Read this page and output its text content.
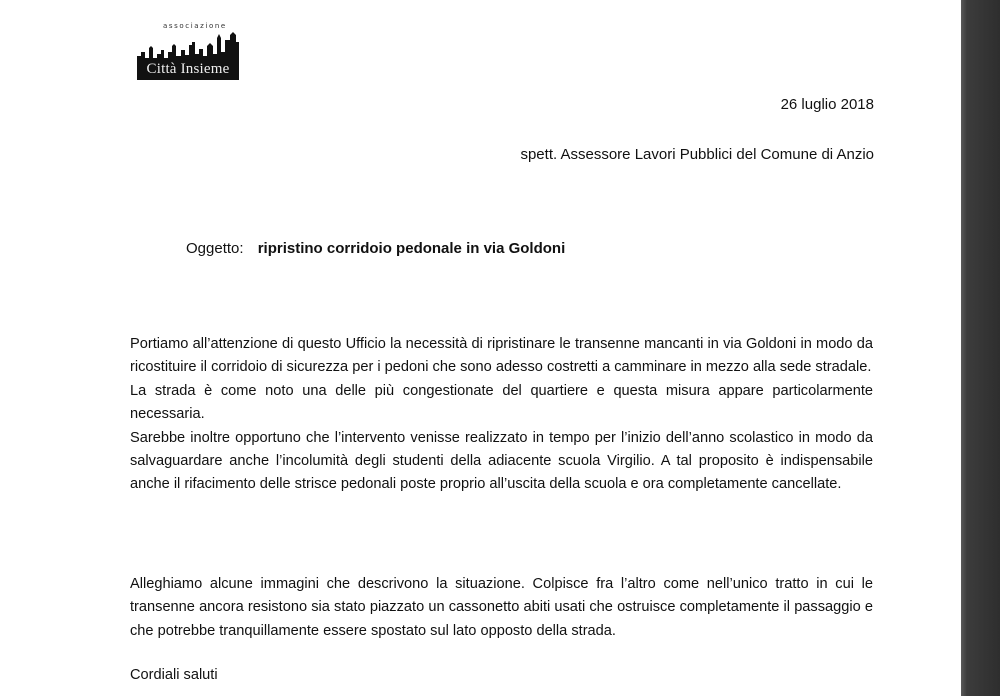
associazione
Città Insieme
26 luglio 2018
spett. Assessore Lavori Pubblici del Comune di Anzio
Oggetto: ripristino corridoio pedonale in via Goldoni

Portiamo all’attenzione di questo Ufficio la necessità di ripristinare le transenne mancanti in via Goldoni in modo da ricostituire il corridoio di sicurezza per i pedoni che sono adesso costretti a camminare in mezzo alla sede stradale.

La strada è come noto una delle più congestionate del quartiere e questa misura appare particolarmente necessaria.

Sarebbe inoltre opportuno che l’intervento venisse realizzato in tempo per l’inizio dell’anno scolastico in modo da salvaguardare anche l’incolumità degli studenti della adiacente scuola Virgilio. A tal proposito è indispensabile anche il rifacimento delle strisce pedonali poste proprio all’uscita della scuola e ora completamente cancellate.

Alleghiamo alcune immagini che descrivono la situazione. Colpisce fra l’altro come nell’unico tratto in cui le transenne ancora resistono sia stato piazzato un cassonetto abiti usati che ostruisce completamente il passaggio e che potrebbe tranquillamente essere spostato sul lato opposto della strada.

Cordiali saluti
